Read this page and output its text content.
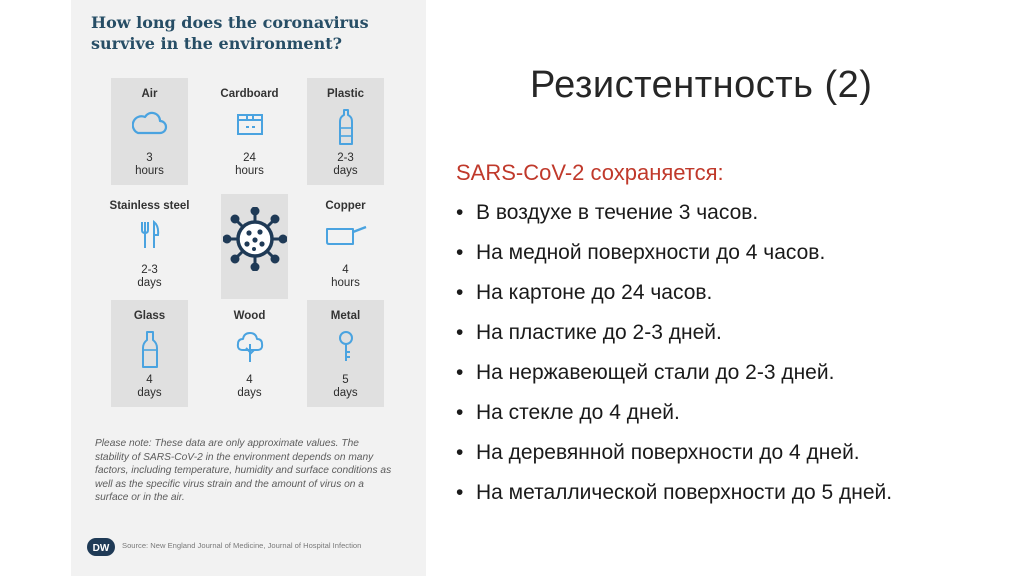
How long does the coronavirus survive in the environment?
Air
3
hours
Cardboard
24
hours
Plastic
2-3
days
Stainless steel
2-3
days
Copper
4
hours
Glass
4
days
Wood
4
days
Metal
5
days

Please note: These data are only approximate values. The stability of SARS-CoV-2 in the environment depends on many factors, including temperature, humidity and surface conditions as well as the specific virus strain and the amount of virus on a surface or in the air.

DW Source: New England Journal of Medicine, Journal of Hospital Infection

Резистентность (2)

SARS-CoV-2 сохраняется:

• В воздухе в течение 3 часов.
• На медной поверхности до 4 часов.
• На картоне до 24 часов.
• На пластике до 2-3 дней.
• На нержавеющей стали до 2-3 дней.
• На стекле до 4 дней.
• На деревянной поверхности до 4 дней.
• На металлической поверхности до 5 дней.
